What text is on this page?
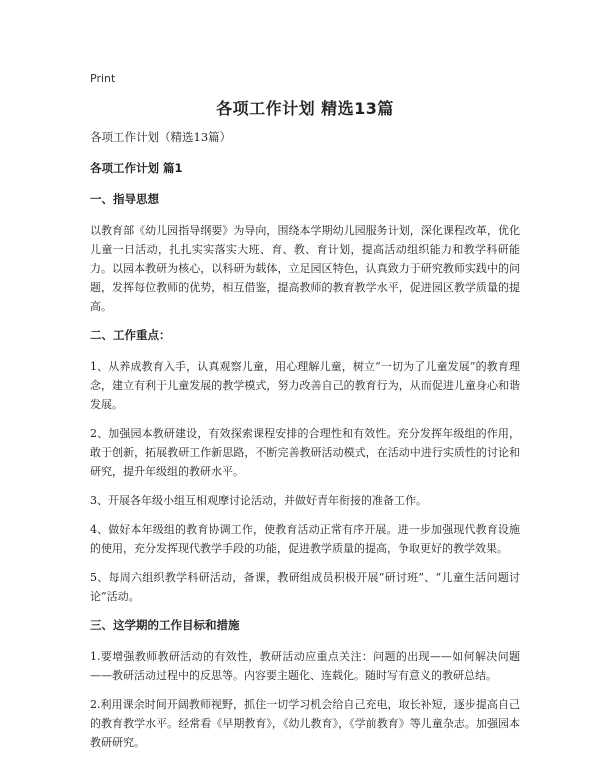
Print
各项工作计划 精选13篇

各项工作计划（精选13篇）

各项工作计划 篇1

一、指导思想

以教育部《幼儿园指导纲要》为导向，围绕本学期幼儿园服务计划，深化课程改革，优化儿童一日活动，扎扎实实落实大班、育、教、育计划，提高活动组织能力和教学科研能力。以园本教研为核心，以科研为载体，立足园区特色，认真致力于研究教师实践中的问题，发挥每位教师的优势，相互借鉴，提高教师的教育教学水平，促进园区教学质量的提高。

二、工作重点：

1、从养成教育入手，认真观察儿童，用心理解儿童，树立“一切为了儿童发展”的教育理念，建立有利于儿童发展的教学模式，努力改善自己的教育行为，从而促进儿童身心和谐发展。

2、加强园本教研建设，有效探索课程安排的合理性和有效性。充分发挥年级组的作用，敢于创新，拓展教研工作新思路，不断完善教研活动模式，在活动中进行实质性的讨论和研究，提升年级组的教研水平。

3、开展各年级小组互相观摩讨论活动，并做好青年衔接的准备工作。

4、做好本年级组的教育协调工作，使教育活动正常有序开展。进一步加强现代教育设施的使用，充分发挥现代教学手段的功能，促进教学质量的提高，争取更好的教学效果。

5、每周六组织教学科研活动，备课，教研组成员积极开展“研讨班”、“儿童生活问题讨论”活动。

三、这学期的工作目标和措施

1.要增强教师教研活动的有效性，教研活动应重点关注：问题的出现——如何解决问题——教研活动过程中的反思等。内容要主题化、连载化。随时写有意义的教研总结。

2.利用课余时间开阔教师视野，抓住一切学习机会给自己充电，取长补短，逐步提高自己的教育教学水平。经常看《早期教育》，《幼儿教育》，《学前教育》等儿童杂志。加强园本教研研究。
